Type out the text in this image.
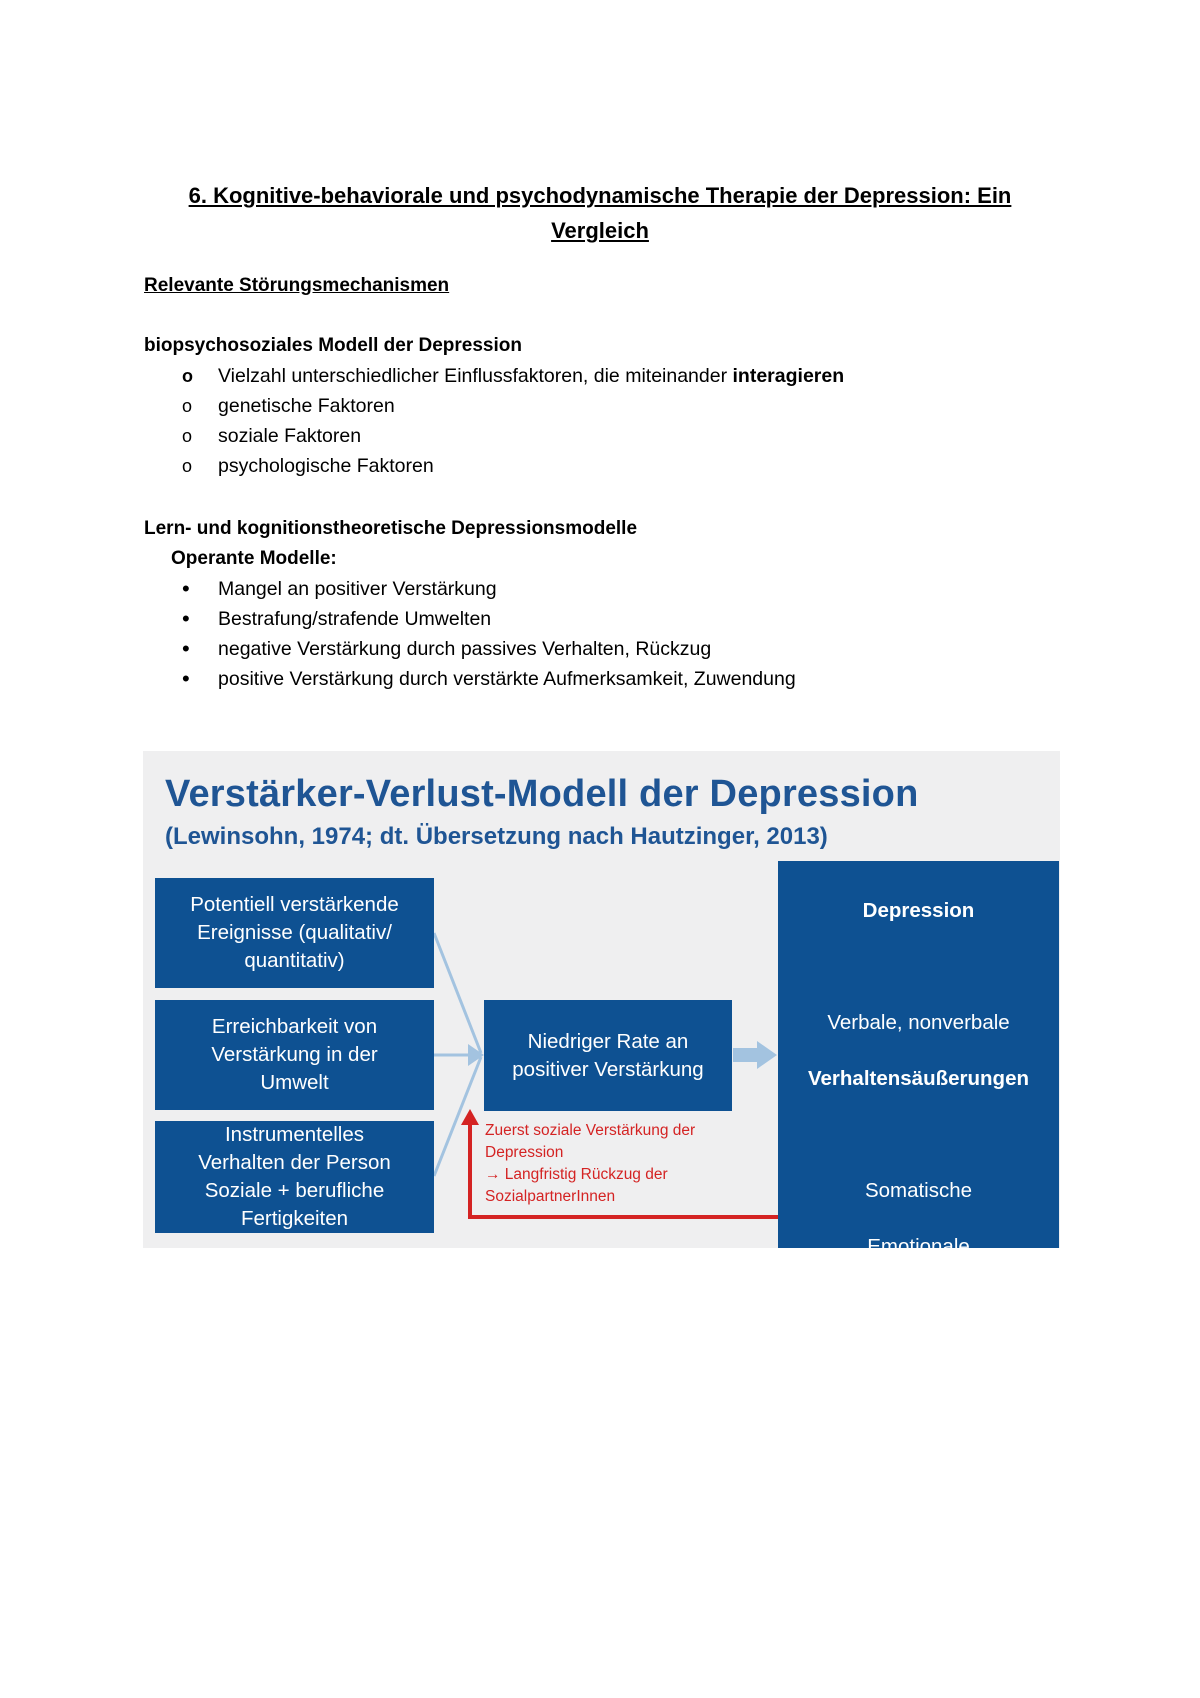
6. Kognitive-behaviorale und psychodynamische Therapie der Depression: Ein Vergleich
Relevante Störungsmechanismen
biopsychosoziales Modell der Depression
o	Vielzahl unterschiedlicher Einflussfaktoren, die miteinander interagieren
o	genetische Faktoren
o	soziale Faktoren
o	psychologische Faktoren
Lern- und kognitionstheoretische Depressionsmodelle
Operante Modelle:
•	Mangel an positiver Verstärkung
•	Bestrafung/strafende Umwelten
•	negative Verstärkung durch passives Verhalten, Rückzug
•	positive Verstärkung durch verstärkte Aufmerksamkeit, Zuwendung
Verstärker-Verlust-Modell der Depression
(Lewinsohn, 1974; dt. Übersetzung nach Hautzinger, 2013)
Potentiell verstärkende
Ereignisse (qualitativ/
quantitativ)
Erreichbarkeit von
Verstärkung in der
Umwelt
Instrumentelles
Verhalten der Person
Soziale + berufliche
Fertigkeiten
Niedriger Rate an
positiver Verstärkung

Depression

Verbale, nonverbale

Verhaltensäußerungen

Somatische

Emotionale

Kognitive

Motivationale

Symptome

Interaktionelle

Auffälligkeiten

Zuerst soziale Verstärkung der
Depression
→ Langfristig Rückzug der
SozialpartnerInnen
